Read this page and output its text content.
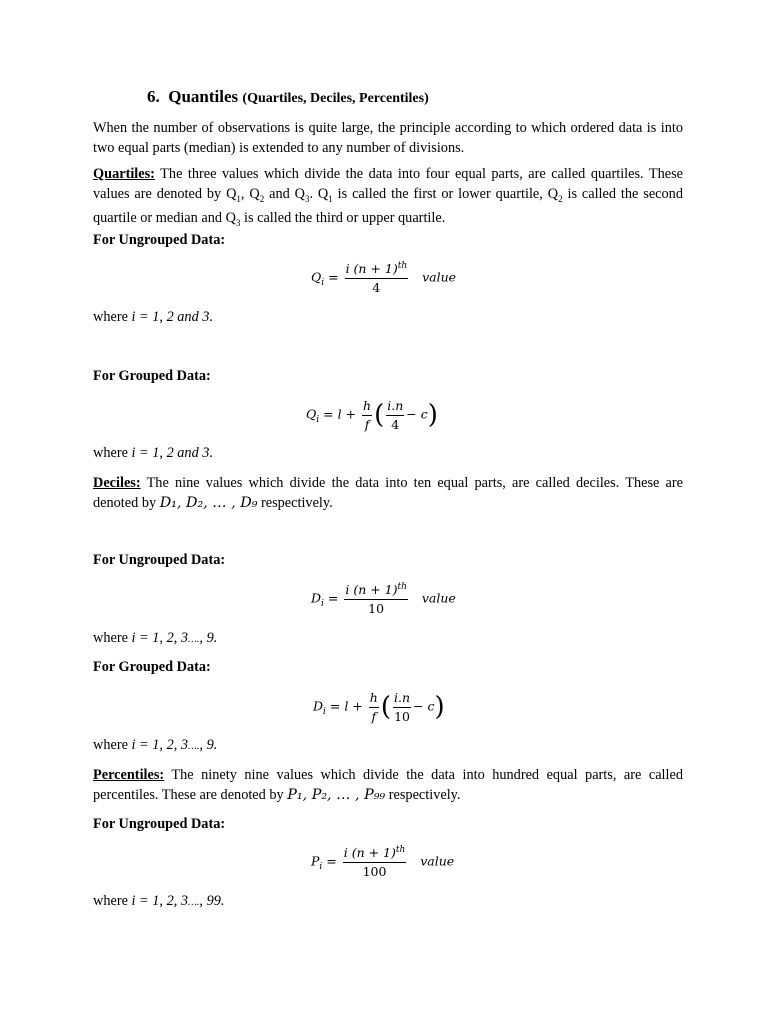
6. Quantiles (Quartiles, Deciles, Percentiles)
When the number of observations is quite large, the principle according to which ordered data is into two equal parts (median) is extended to any number of divisions.
Quartiles: The three values which divide the data into four equal parts, are called quartiles. These values are denoted by $Q_1$, $Q_2$ and $Q_3$. $Q_1$ is called the first or lower quartile, $Q_2$ is called the second quartile or median and $Q_3$ is called the third or upper quartile.
For Ungrouped Data:
$Q_i = \frac{i (n + 1)^{th}}{4}$ value
where i = 1, 2 and 3.
For Grouped Data:
$Q_i = l + \frac{h}{f}$ ( $\frac{i.n}{4} - c$)
where i = 1, 2 and 3.
Deciles: The nine values which divide the data into ten equal parts, are called deciles. These are denoted by D₁, D₂, … , D₉ respectively.
For Ungrouped Data:
$D_i = \frac{i (n + 1)^{th}}{10}$ value
where i = 1, 2, 3…., 9.
For Grouped Data:
$D_i = l + \frac{h}{f}$ ( $\frac{i.n}{10} - c$)
where i = 1, 2, 3…., 9.
Percentiles: The ninety nine values which divide the data into hundred equal parts, are called percentiles. These are denoted by P₁, P₂, … , P₉₉ respectively.
For Ungrouped Data:
$P_i = \frac{i (n + 1)^{th}}{100}$ value
where i = 1, 2, 3…., 99.
